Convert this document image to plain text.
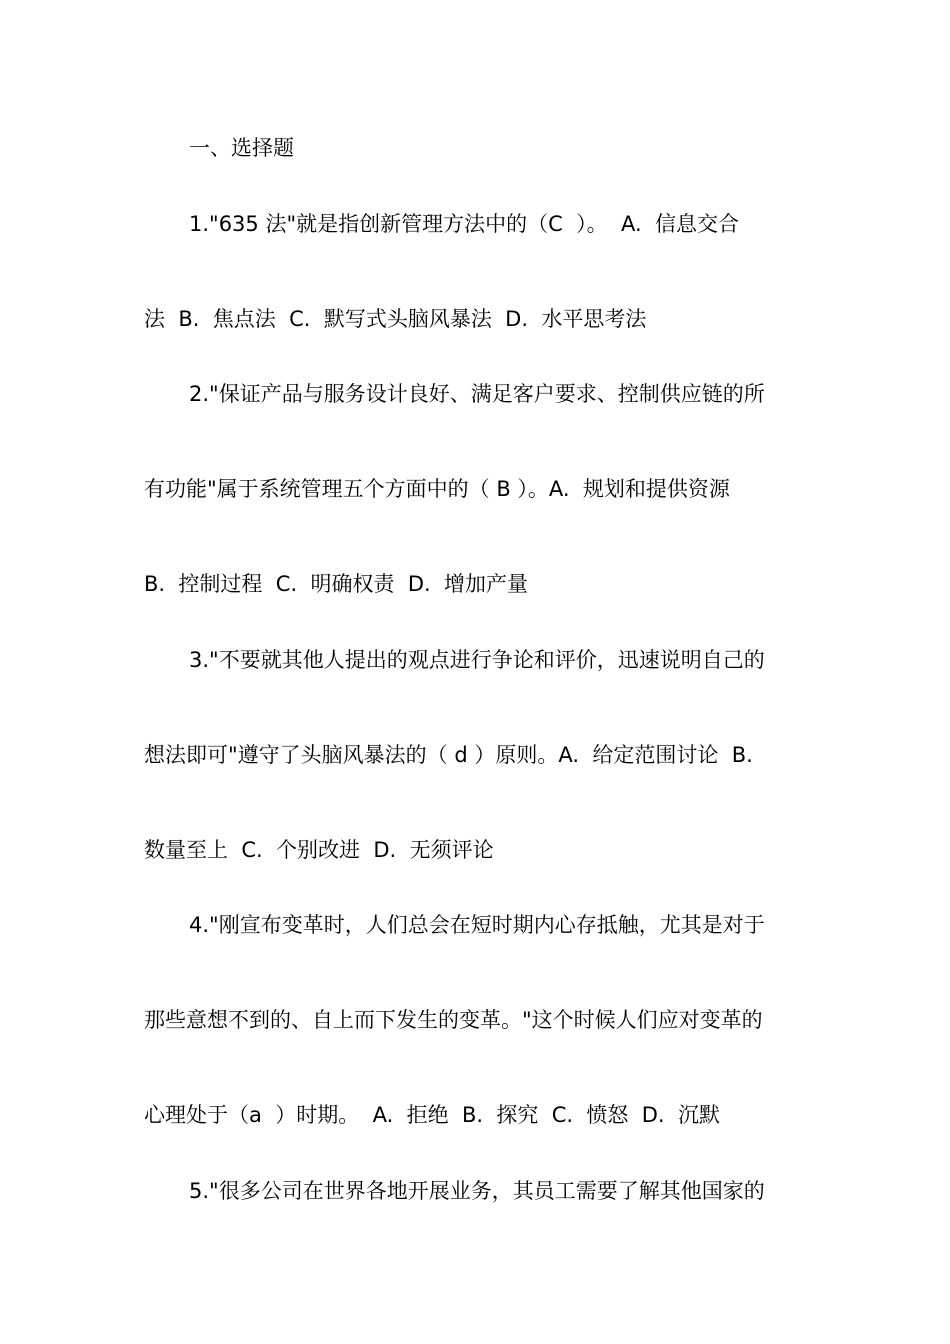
一、选择题
1."635 法"就是指创新管理方法中的（C  ）。  A.  信息交合
法  B.  焦点法  C.  默写式头脑风暴法  D.  水平思考法
2."保证产品与服务设计良好、满足客户要求、控制供应链的所
有功能"属于系统管理五个方面中的（ B ）。A.  规划和提供资源
B.  控制过程  C.  明确权责  D.  增加产量
3."不要就其他人提出的观点进行争论和评价，迅速说明自己的
想法即可"遵守了头脑风暴法的（ d ）原则。A.  给定范围讨论  B.
数量至上  C.  个别改进  D.  无须评论
4."刚宣布变革时，人们总会在短时期内心存抵触，尤其是对于
那些意想不到的、自上而下发生的变革。"这个时候人们应对变革的
心理处于（a  ）时期。  A.  拒绝  B.  探究  C.  愤怒  D.  沉默
5."很多公司在世界各地开展业务，其员工需要了解其他国家的
